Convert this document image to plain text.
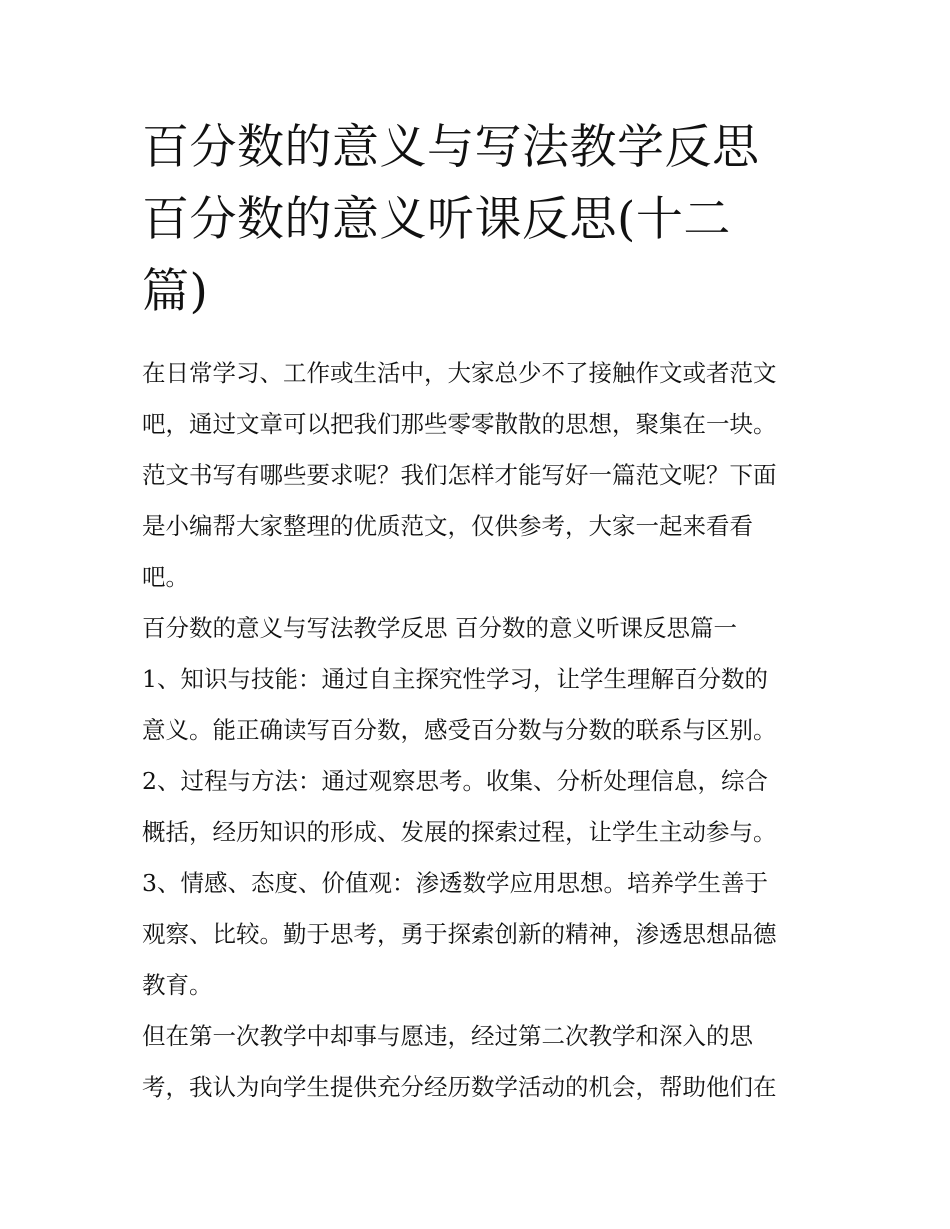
百分数的意义与写法教学反思
百分数的意义听课反思(十二
篇)

在日常学习、工作或生活中，大家总少不了接触作文或者范文
吧，通过文章可以把我们那些零零散散的思想，聚集在一块。
范文书写有哪些要求呢？我们怎样才能写好一篇范文呢？下面
是小编帮大家整理的优质范文，仅供参考，大家一起来看看
吧。

百分数的意义与写法教学反思 百分数的意义听课反思篇一

1、知识与技能：通过自主探究性学习，让学生理解百分数的
意义。能正确读写百分数，感受百分数与分数的联系与区别。

2、过程与方法：通过观察思考。收集、分析处理信息，综合
概括，经历知识的形成、发展的探索过程，让学生主动参与。

3、情感、态度、价值观：渗透数学应用思想。培养学生善于
观察、比较。勤于思考，勇于探索创新的精神，渗透思想品德
教育。

但在第一次教学中却事与愿违，经过第二次教学和深入的思
考，我认为向学生提供充分经历数学活动的机会，帮助他们在
